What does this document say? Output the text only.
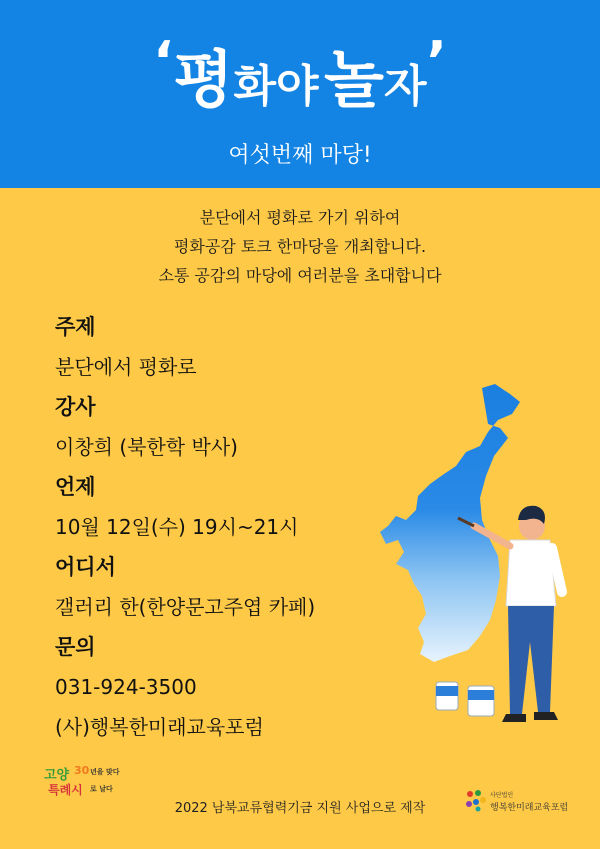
‘평화야 놀자’
여섯번째 마당!
분단에서 평화로 가기 위하여
평화공감 토크 한마당을 개최합니다.
소통 공감의 마당에 여러분을 초대합니다
주제
분단에서 평화로
강사
이창희 (북한학 박사)
언제
10월 12일(수) 19시~21시
어디서
갤러리 한(한양문고주엽 카페)
문의
031-924-3500
(사)행복한미래교육포럼
고양 30 년을 맞다
특례시 로 날다
2022 남북교류협력기금 지원 사업으로 제작
사단법인
행복한미래교육포럼
